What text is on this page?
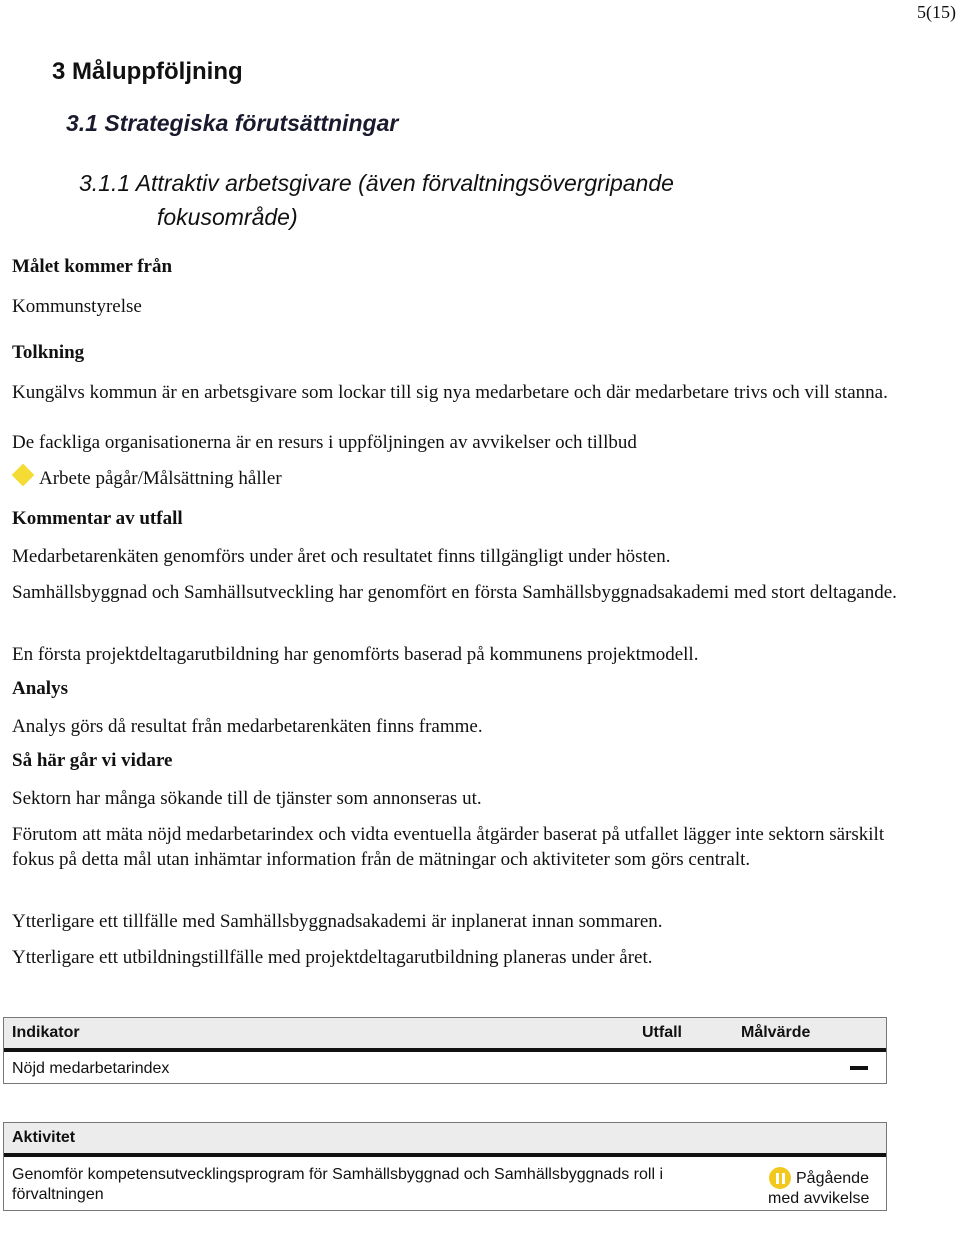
5(15)
3 Måluppföljning
3.1 Strategiska förutsättningar
3.1.1 Attraktiv arbetsgivare (även förvaltningsövergripande
fokusområde)
Målet kommer från
Kommunstyrelse
Tolkning
Kungälvs kommun är en arbetsgivare som lockar till sig nya medarbetare och där medarbetare trivs och vill stanna.
De fackliga organisationerna är en resurs i uppföljningen av avvikelser och tillbud
Arbete pågår/Målsättning håller
Kommentar av utfall
Medarbetarenkäten genomförs under året och resultatet finns tillgängligt under hösten.
Samhällsbyggnad och Samhällsutveckling har genomfört en första Samhällsbyggnadsakademi med stort deltagande.
En första projektdeltagarutbildning har genomförts baserad på kommunens projektmodell.
Analys
Analys görs då resultat från medarbetarenkäten finns framme.
Så här går vi vidare
Sektorn har många sökande till de tjänster som annonseras ut.
Förutom att mäta nöjd medarbetarindex och vidta eventuella åtgärder baserat på utfallet lägger inte sektorn särskilt fokus på detta mål utan inhämtar information från de mätningar och aktiviteter som görs centralt.
Ytterligare ett tillfälle med Samhällsbyggnadsakademi är inplanerat innan sommaren.
Ytterligare ett utbildningstillfälle med projektdeltagarutbildning planeras under året.
Indikator	Utfall	Målvärde
Nöjd medarbetarindex
Aktivitet
Genomför kompetensutvecklingsprogram för Samhällsbyggnad och Samhällsbyggnads roll i
förvaltningen
Pågående
med avvikelse
